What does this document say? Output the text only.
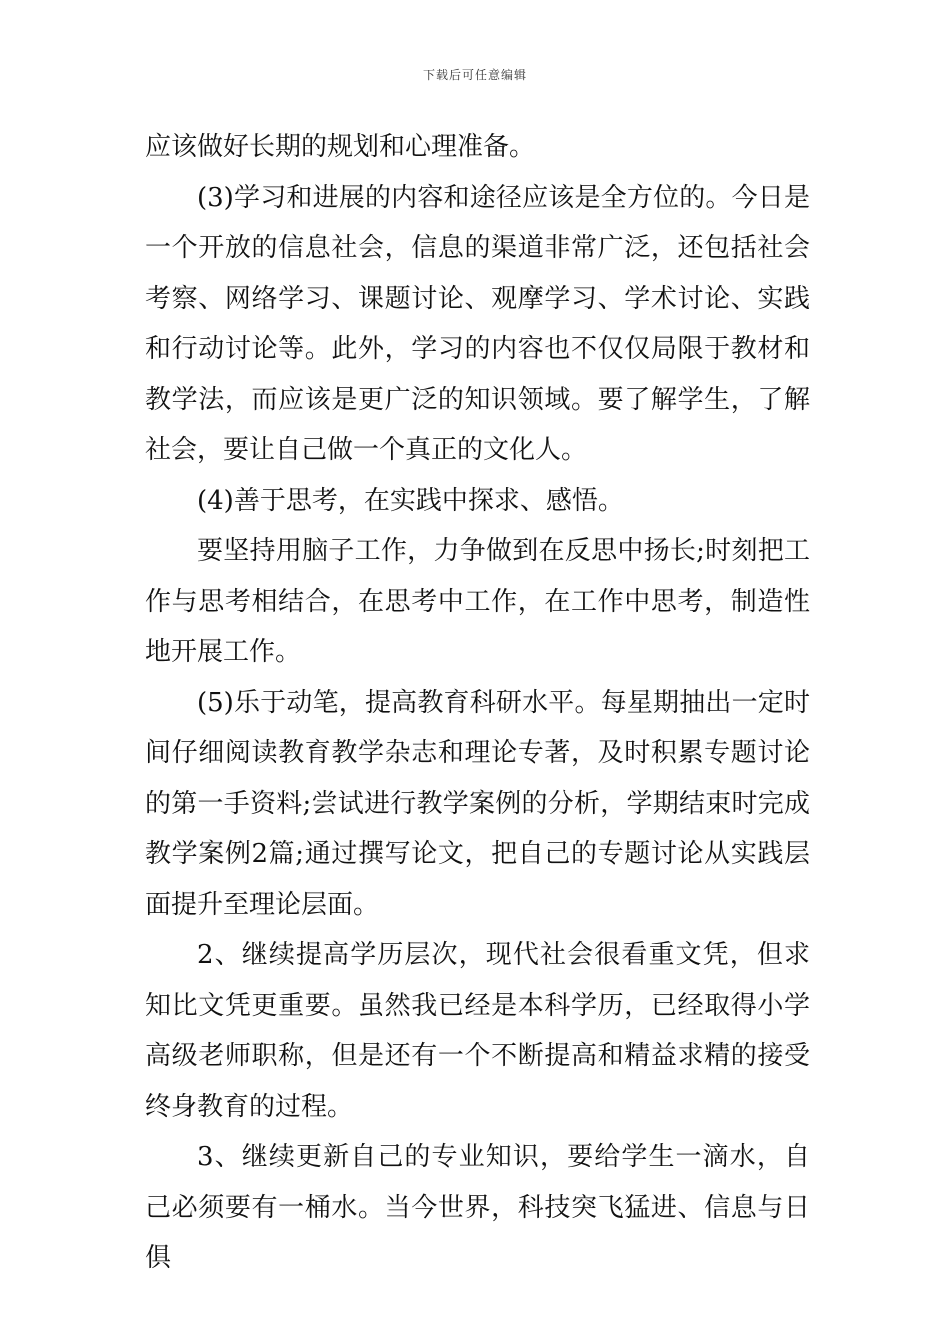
下载后可任意编辑

应该做好长期的规划和心理准备。

(3)学习和进展的内容和途径应该是全方位的。今日是一个开放的信息社会，信息的渠道非常广泛，还包括社会考察、网络学习、课题讨论、观摩学习、学术讨论、实践和行动讨论等。此外，学习的内容也不仅仅局限于教材和教学法，而应该是更广泛的知识领域。要了解学生，了解社会，要让自己做一个真正的文化人。

(4)善于思考，在实践中探求、感悟。

要坚持用脑子工作，力争做到在反思中扬长;时刻把工作与思考相结合，在思考中工作，在工作中思考，制造性地开展工作。

(5)乐于动笔，提高教育科研水平。每星期抽出一定时间仔细阅读教育教学杂志和理论专著，及时积累专题讨论的第一手资料;尝试进行教学案例的分析，学期结束时完成教学案例2篇;通过撰写论文，把自己的专题讨论从实践层面提升至理论层面。

2、继续提高学历层次，现代社会很看重文凭，但求知比文凭更重要。虽然我已经是本科学历，已经取得小学高级老师职称，但是还有一个不断提高和精益求精的接受终身教育的过程。

3、继续更新自己的专业知识，要给学生一滴水，自己必须要有一桶水。当今世界，科技突飞猛进、信息与日俱
